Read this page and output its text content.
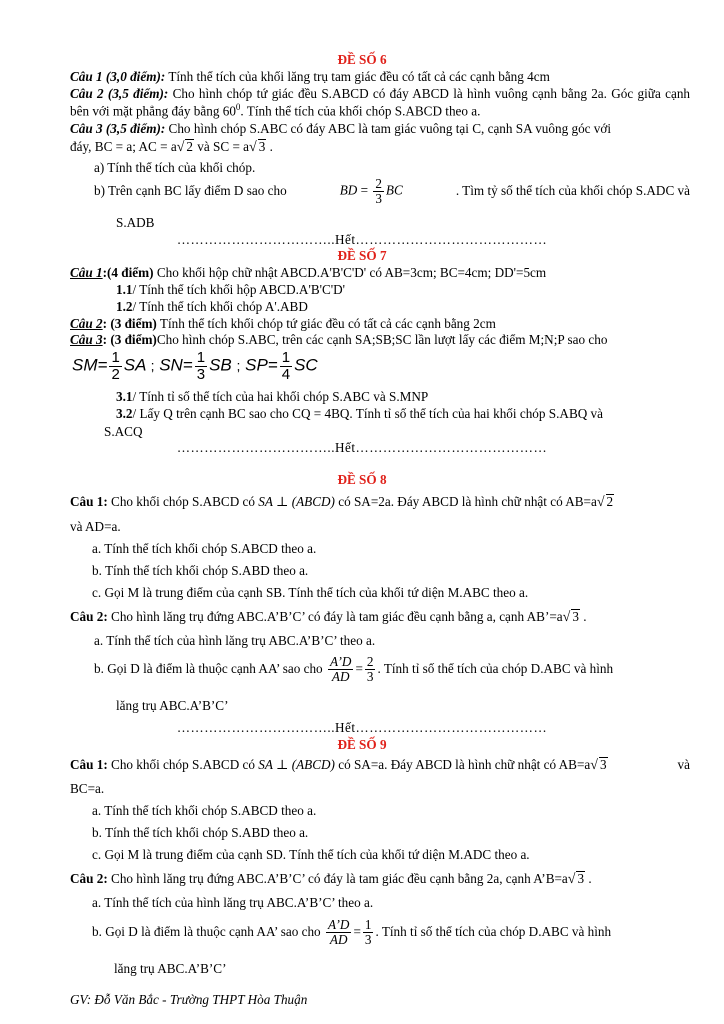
ĐỀ SỐ 6
Câu 1 (3,0 điểm): Tính thể tích của khối lăng trụ tam giác đều có tất cả các cạnh bằng 4cm
Câu 2 (3,5 điểm): Cho hình chóp tứ giác đều S.ABCD có đáy ABCD là hình vuông cạnh bằng 2a. Góc giữa cạnh bên với mặt phẳng đáy bằng $60^0$. Tính thể tích của khối chóp S.ABCD theo a.
Câu 3 (3,5 điểm): Cho hình chóp S.ABC có đáy ABC là tam giác vuông tại C, cạnh SA vuông góc với
đáy, BC = a; AC = a√ 2 và SC = a√ 3 .
a) Tính thể tích của khối chóp.
b) Trên cạnh BC lấy điểm D sao cho	BD = $\frac{2}{3}$ BC	. Tìm tỷ số thể tích của khối chóp S.ADC và
S.ADB
……………………………..Hết……………………………………
ĐỀ SỐ 7
Câu 1:(4 điểm) Cho khối hộp chữ nhật ABCD.A'B'C'D' có AB=3cm; BC=4cm; DD'=5cm
1.1/ Tính thể tích khối hộp ABCD.A'B'C'D'
1.2/ Tính thể tích khối chóp A'.ABD
Câu 2: (3 điểm) Tính thể tích khối chóp tứ giác đều có tất cả các cạnh bằng 2cm
Câu 3: (3 điểm)Cho hình chóp S.ABC, trên các cạnh SA;SB;SC lần lượt lấy các điểm M;N;P sao cho
$SM= \frac{1}{2}$ SA ; $SN= \frac{1}{3}$ SB ; $SP= \frac{1}{4}$ SC
3.1/ Tính tỉ số thể tích của hai khối chóp S.ABC và S.MNP
3.2/ Lấy Q trên cạnh BC sao cho CQ = 4BQ. Tính tỉ số thể tích của hai khối chóp S.ABQ và
S.ACQ
……………………………..Hết……………………………………
ĐỀ SỐ 8
Câu 1: Cho khối chóp S.ABCD có SA ⊥ (ABCD) có SA=2a. Đáy ABCD là hình chữ nhật có AB=a√ 2
và AD=a.
a. Tính thể tích khối chóp S.ABCD theo a.
b. Tính thể tích khối chóp S.ABD theo a.
c. Gọi M là trung điểm của cạnh SB. Tính thể tích của khối tứ diện M.ABC theo a.
Câu 2: Cho hình lăng trụ đứng ABC.A’B’C’ có đáy là tam giác đều cạnh bằng a, cạnh AB’=a√ 3 .
a. Tính thể tích của hình lăng trụ ABC.A’B’C’ theo a.
b. Gọi D là điểm là thuộc cạnh AA’ sao cho
$\frac{A’D}{AD} = \frac{2}{3}$ . Tính tỉ số thể tích của chóp D.ABC và hình
lăng trụ ABC.A’B’C’
……………………………..Hết……………………………………
ĐỀ SỐ 9
Câu 1: Cho khối chóp S.ABCD có SA ⊥ (ABCD) có SA=a. Đáy ABCD là hình chữ nhật có AB=a√ 3	và
BC=a.
a. Tính thể tích khối chóp S.ABCD theo a.
b. Tính thể tích khối chóp S.ABD theo a.
c. Gọi M là trung điểm của cạnh SD. Tính thể tích của khối tứ diện M.ADC theo a.
Câu 2: Cho hình lăng trụ đứng ABC.A’B’C’ có đáy là tam giác đều cạnh bằng 2a, cạnh A’B=a√ 3 .
a. Tính thể tích của hình lăng trụ ABC.A’B’C’ theo a.
b. Gọi D là điểm là thuộc cạnh AA’ sao cho
$\frac{A’D}{AD} = \frac{1}{3}$ . Tính tỉ số thể tích của chóp D.ABC và hình
lăng trụ ABC.A’B’C’
GV: Đỗ Văn Bắc - Trường THPT Hòa Thuận
